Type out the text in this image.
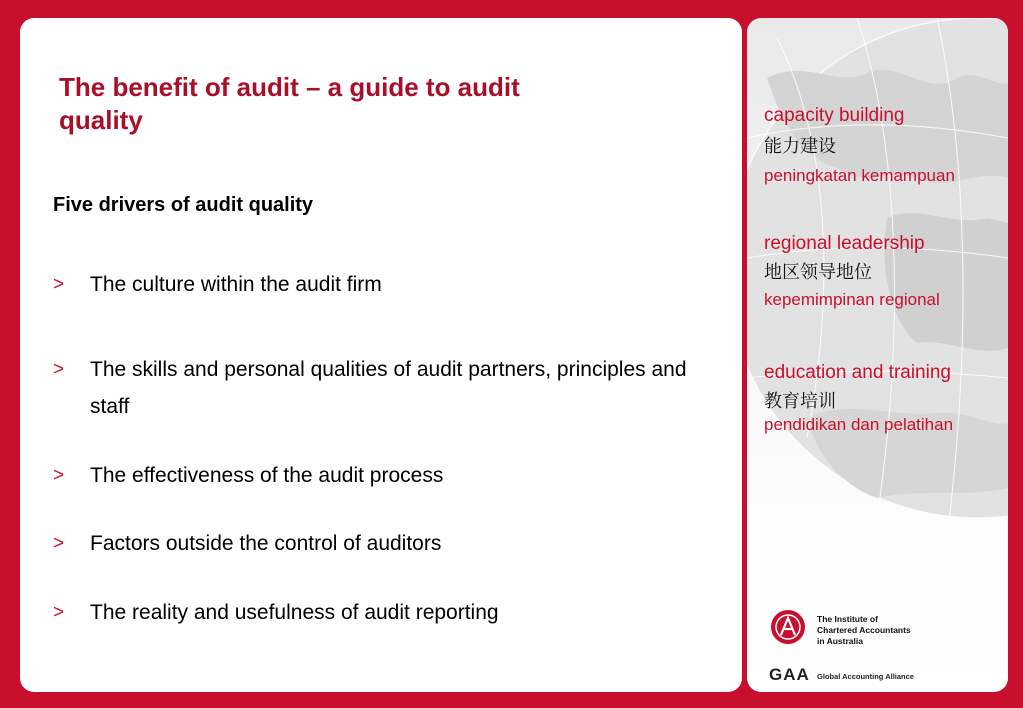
The benefit of audit – a guide to audit quality
Five drivers of audit quality
> The culture within the audit firm
> The skills and personal qualities of audit partners, principles and staff
> The effectiveness of the audit process
> Factors outside the control of auditors
> The reality and usefulness of audit reporting
capacity building
能力建设
peningkatan kemampuan
regional leadership
地区领导地位
kepemimpinan regional
education and training
教育培训
pendidikan dan pelatihan
The Institute of
Chartered Accountants
in Australia
GAA Global Accounting Alliance
